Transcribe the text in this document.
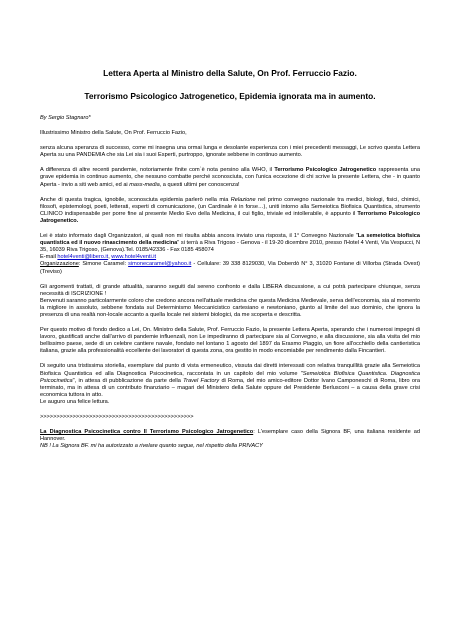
Lettera Aperta al Ministro della Salute, On Prof. Ferruccio Fazio.
Terrorismo Psicologico Jatrogenetico, Epidemia ignorata ma in aumento.

By Sergio Stagnaro*

Illustrissimo Ministro della Salute, On Prof. Ferruccio Fazio,

senza alcuna speranza di successo, come mi insegna una ormai lunga e desolante esperienza con i miei precedenti messaggi, Le scrivo questa Lettera Aperta su una PANDEMIA che sia Lei sia i suoi Esperti, purtroppo, ignorate sebbene in continuo aumento.

A differenza di altre recenti pandemie, notoriamente finite com`è nota persino alla WHO, il Terrorismo Psicologico Jatrogenetico rappresenta una grave epidemia in continuo aumento, che nessuno combatte perché sconosciuta, con l'unica eccezione di chi scrive la presente Lettera, che - in quanto Aperta - invio a siti web amici, ed ai mass-media, a questi ultimi per conoscenza!

Anche di questa tragica, ignobile, sconosciuta epidemia parlerò nella mia Relazione nel primo convegno nazionale tra medici, biologi, fisici, chimici, filosofi, epistemologi, poeti, letterati, esperti di comunicazione, (un Cardinale è in forse…), uniti intorno alla Semeiotica Biofisica Quantistica, strumento CLINICO indispensabile per porre fine al presente Medio Evo della Medicina, il cui figlio, triviale ed intollerabile, è appunto il Terrorismo Psicologico Jatrogenetico.

Lei è stato informato dagli Organizzatori, ai quali non mi risulta abbia ancora inviato una risposta, il 1° Convegno Nazionale "La semeiotica biofisica quantistica ed il nuovo rinascimento della medicina" si terrà a Riva Trigoso - Genova - il 19-20 dicembre 2010, presso l'Hotel 4 Venti, Via Vespucci, N 35, 16039 Riva Trigoso, (Genova).Tel. 0185/42336 - Fax 0185 458074
E-mail hotel4venti@libero.it, www.hotel4venti.it
Organizzazione: Simone Caramel: simonecaramel@yahoo.it - Cellulare: 39 338 8129030, Via Doberdò N° 3, 31020 Fontane di Villorba (Strada Ovest) (Treviso)

Gli argomenti trattati, di grande attualità, saranno seguiti dal sereno confronto e dalla LIBERA discussione, a cui potrà partecipare chiunque, senza necessità di ISCRIZIONE !

Benvenuti saranno particolarmente coloro che credono ancora nell'attuale medicina che questa Medicina Medievale, serva dell'economia, sia al momento la migliore in assoluto, sebbene fondata sul Determinismo Meccanicistico cartesiano e newtoniano, giunto al limite del suo dominio, che ignora la presenza di una realtà non-locale accanto a quella locale nei sistemi biologici, da me scoperta e descritta.

Per questo motivo di fondo dedico a Lei, On. Ministro della Salute, Prof. Ferruccio Fazio, la presente Lettera Aperta, sperando che i numerosi impegni di lavoro, giustificati anche dall'arrivo di pandemie influenzali, non Le impediranno di partecipare sia al Convegno, e alla discussione, sia alla visita del mio bellissimo paese, sede di un celebre cantiere navale, fondato nel lontano 1 agosto del 1897 da Erasmo Piaggio, un fiore all'occhiello della cantieristica italiana, grazie alla professionalità eccellente dei lavoratori di questa zona, ora gestito in modo encomiabile per rendimento dalla Fincantieri.

Di seguito una tristissima storiella, esemplare dal punto di vista ermeneutico, vissuta dai diretti interessati con relativa tranquillità grazie alla Semeiotica Biofisica Quantistica ed alla Diagnostica Psicocinetica, raccontata in un capitolo del mio volume "Semeiotica Biofisica Quantistica. Diagnostica Psicocinetica", in attesa di pubblicazione da parte della Travel Factory di Roma, del mio amico-editore Dottor Ivano Camponeschi di Roma, libro ora terminato, ma in attesa di un contributo finanziario – magari del Ministero della Salute oppure del Presidente Berlusconi – a causa della grave crisi economica tuttora in atto.

Le auguro una felice lettura.

>>>>>>>>>>>>>>>>>>>>>>>>>>>>>>>>>>>>>>>>>>>>>>>

La Diagnostica Psicocinetica contro Il Terrorismo Psicologico Jatrogenetico: L'esemplare caso della Signora BF, una italiana residente ad Hannover.

NB ! La Signora BF. mi ha autorizzato a rivelare quanto segue, nel rispetto della PRIVACY
